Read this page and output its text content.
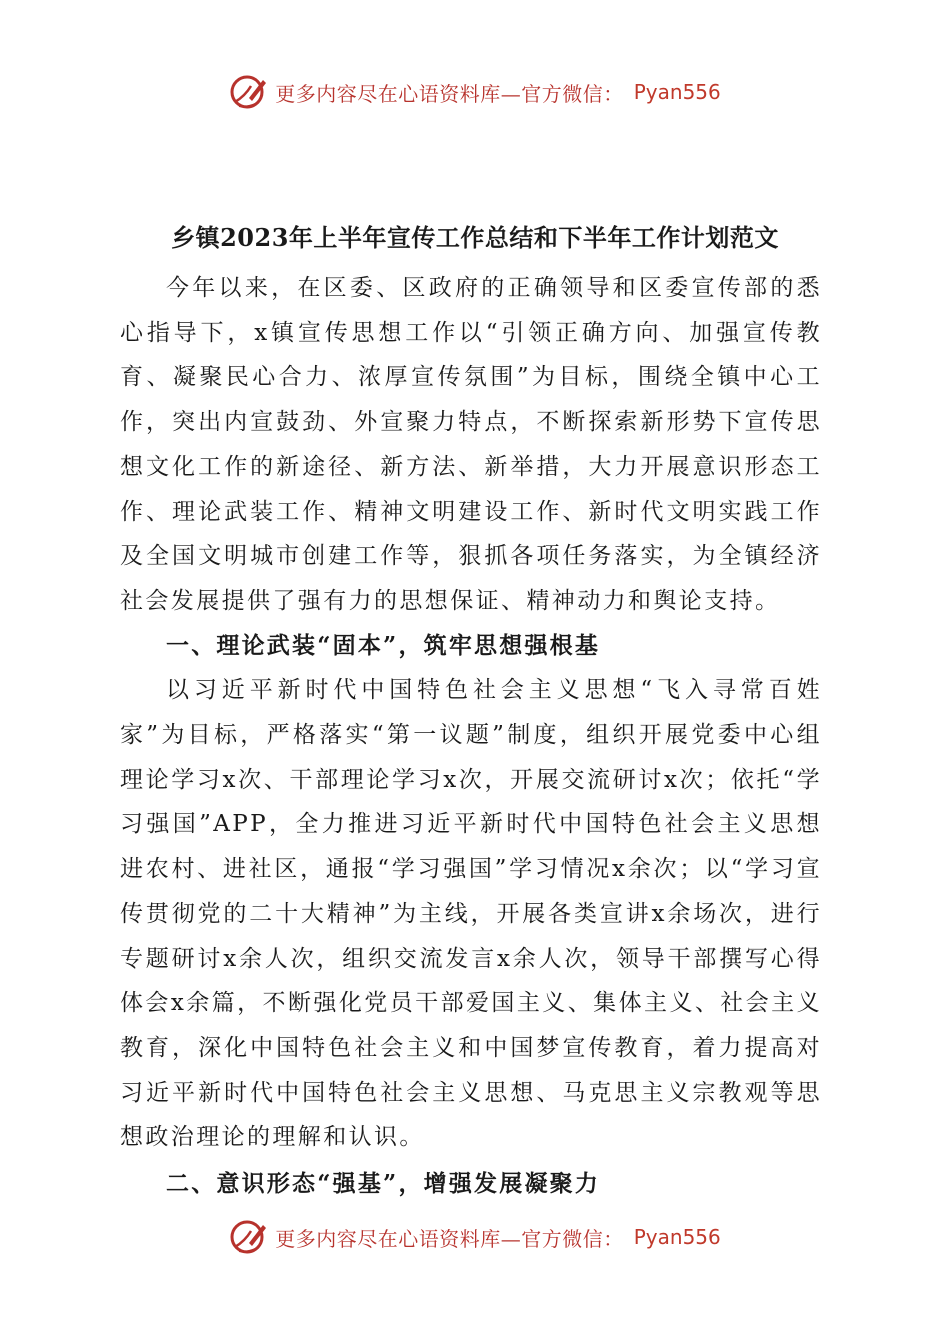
更多内容尽在心语资料库—官方微信： Pyan556
乡镇2023年上半年宣传工作总结和下半年工作计划范文

今年以来，在区委、区政府的正确领导和区委宣传部的悉心指导下，x镇宣传思想工作以“引领正确方向、加强宣传教育、凝聚民心合力、浓厚宣传氛围”为目标，围绕全镇中心工作，突出内宣鼓劲、外宣聚力特点，不断探索新形势下宣传思想文化工作的新途径、新方法、新举措，大力开展意识形态工作、理论武装工作、精神文明建设工作、新时代文明实践工作及全国文明城市创建工作等，狠抓各项任务落实，为全镇经济社会发展提供了强有力的思想保证、精神动力和舆论支持。

一、理论武装“固本”，筑牢思想强根基

以习近平新时代中国特色社会主义思想“飞入寻常百姓家”为目标，严格落实“第一议题”制度，组织开展党委中心组理论学习x次、干部理论学习x次，开展交流研讨x次；依托“学习强国”APP，全力推进习近平新时代中国特色社会主义思想进农村、进社区，通报“学习强国”学习情况x余次；以“学习宣传贯彻党的二十大精神”为主线，开展各类宣讲x余场次，进行专题研讨x余人次，组织交流发言x余人次，领导干部撰写心得体会x余篇，不断强化党员干部爱国主义、集体主义、社会主义教育，深化中国特色社会主义和中国梦宣传教育，着力提高对习近平新时代中国特色社会主义思想、马克思主义宗教观等思想政治理论的理解和认识。

二、意识形态“强基”，增强发展凝聚力

更多内容尽在心语资料库—官方微信： Pyan556
